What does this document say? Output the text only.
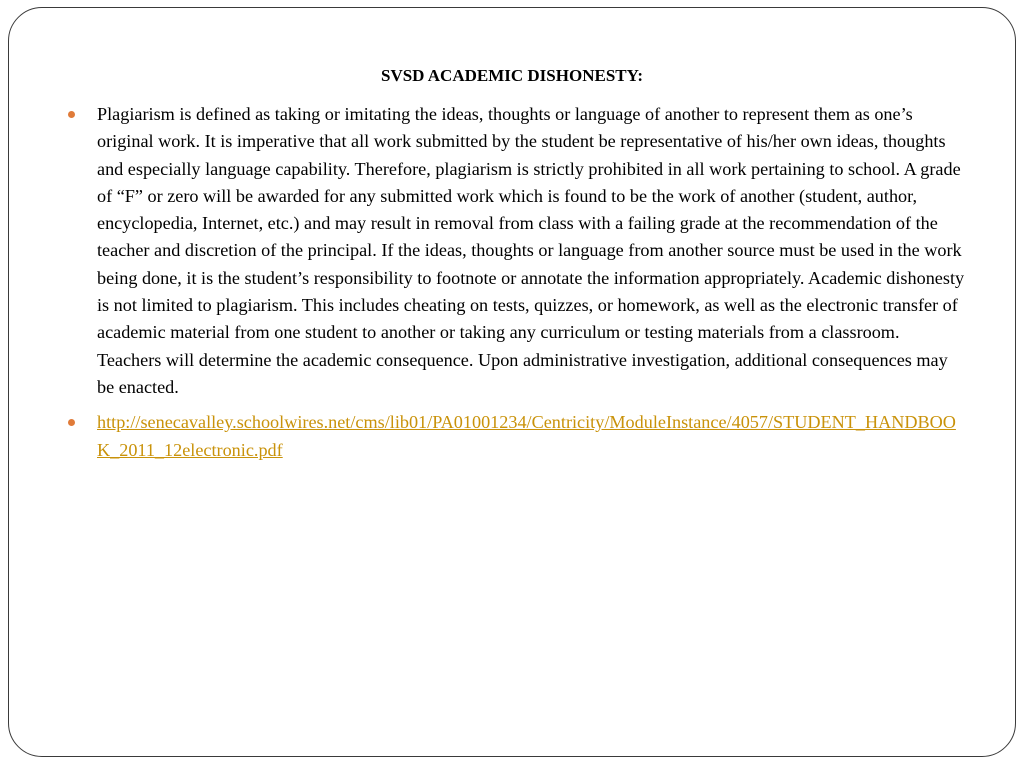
SVSD ACADEMIC DISHONESTY:
Plagiarism is defined as taking or imitating the ideas, thoughts or language of another to represent them as one’s original work. It is imperative that all work submitted by the student be representative of his/her own ideas, thoughts and especially language capability. Therefore, plagiarism is strictly prohibited in all work pertaining to school. A grade of “F” or zero will be awarded for any submitted work which is found to be the work of another (student, author, encyclopedia, Internet, etc.) and may result in removal from class with a failing grade at the recommendation of the teacher and discretion of the principal. If the ideas, thoughts or language from another source must be used in the work being done, it is the student’s responsibility to footnote or annotate the information appropriately. Academic dishonesty is not limited to plagiarism. This includes cheating on tests, quizzes, or homework, as well as the electronic transfer of academic material from one student to another or taking any curriculum or testing materials from a classroom. Teachers will determine the academic consequence. Upon administrative investigation, additional consequences may be enacted.
http://senecavalley.schoolwires.net/cms/lib01/PA01001234/Centricity/ModuleInstance/4057/STUDENT_HANDBOOK_2011_12electronic.pdf
